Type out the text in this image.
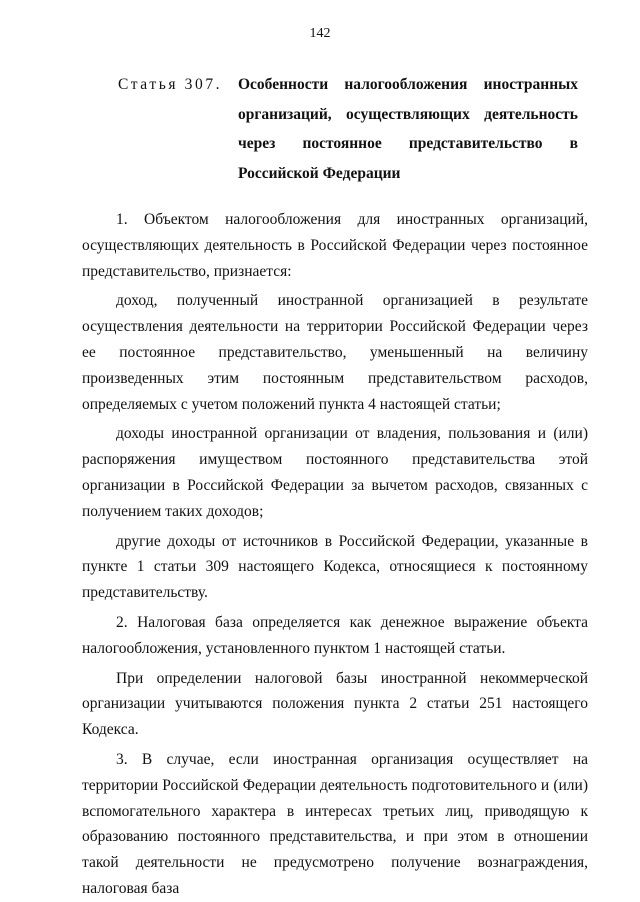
142
Статья 307.	Особенности налогообложения иностранных
организаций, осуществляющих деятельность
через постоянное представительство в
Российской Федерации

1. Объектом налогообложения для иностранных организаций, осуществляющих деятельность в Российской Федерации через постоянное представительство, признается:

доход, полученный иностранной организацией в результате осуществления деятельности на территории Российской Федерации через ее постоянное представительство, уменьшенный на величину произведенных этим постоянным представительством расходов, определяемых с учетом положений пункта 4 настоящей статьи;

доходы иностранной организации от владения, пользования и (или) распоряжения имуществом постоянного представительства этой организации в Российской Федерации за вычетом расходов, связанных с получением таких доходов;

другие доходы от источников в Российской Федерации, указанные в пункте 1 статьи 309 настоящего Кодекса, относящиеся к постоянному представительству.

2. Налоговая база определяется как денежное выражение объекта налогообложения, установленного пунктом 1 настоящей статьи.

При определении налоговой базы иностранной некоммерческой организации учитываются положения пункта 2 статьи 251 настоящего Кодекса.

3. В случае, если иностранная организация осуществляет на территории Российской Федерации деятельность подготовительного и (или) вспомогательного характера в интересах третьих лиц, приводящую к образованию постоянного представительства, и при этом в отношении такой деятельности не предусмотрено получение вознаграждения, налоговая база
